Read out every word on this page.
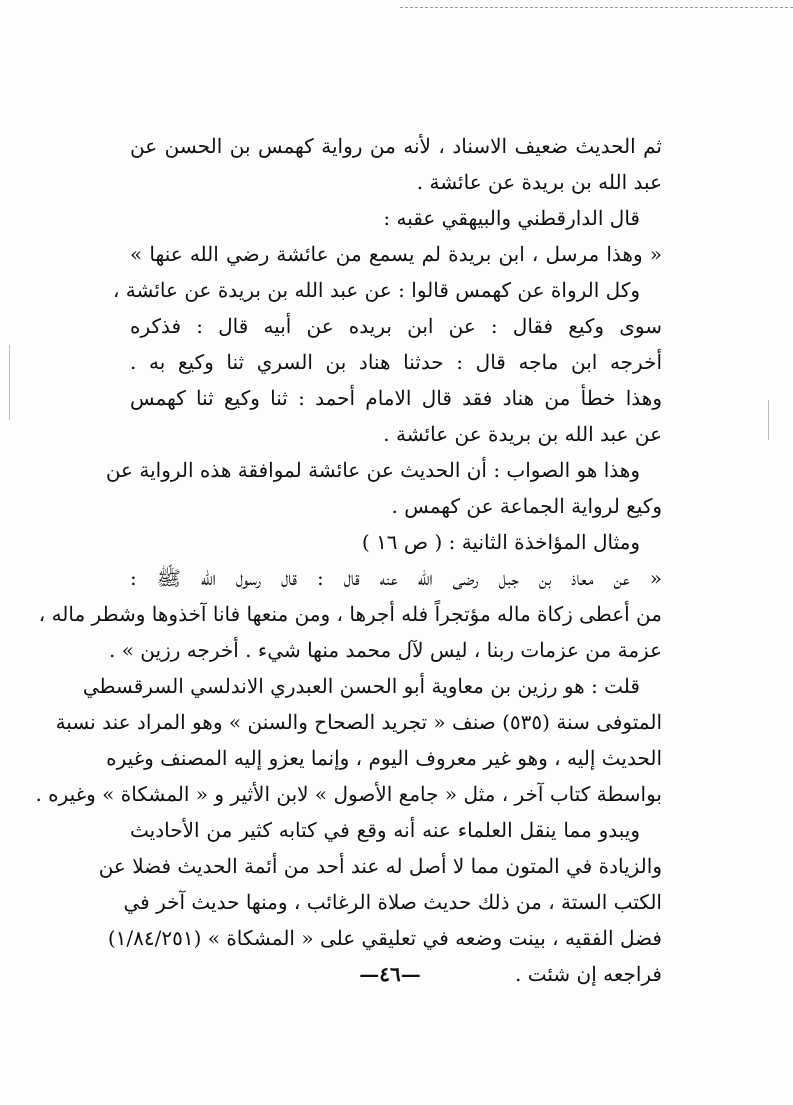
ثم الحديث ضعيف الاسناد ، لأنه من رواية كهمس بن الحسن عن
عبد الله بن بريدة عن عائشة .
قال الدارقطني والبيهقي عقبه :
« وهذا مرسل ، ابن بريدة لم يسمع من عائشة رضي الله عنها »
وكل الرواة عن كهمس قالوا : عن عبد الله بن بريدة عن عائشة ،
سوى وكيع فقال : عن ابن بريده عن أبيه قال : فذكره
أخرجه ابن ماجه قال : حدثنا هناد بن السري ثنا وكيع به .
وهذا خطأ من هناد فقد قال الامام أحمد : ثنا وكيع ثنا كهمس
عن عبد الله بن بريدة عن عائشة .
وهذا هو الصواب : أن الحديث عن عائشة لموافقة هذه الرواية عن
وكيع لرواية الجماعة عن كهمس .
ومثال المؤاخذة الثانية : ( ص ١٦ )
« عن معاذ بن جبل رضى الله عنه قال : قال رسول الله ﷺ :
من أعطى زكاة ماله مؤتجراً فله أجرها ، ومن منعها فانا آخذوها وشطر ماله ،
عزمة من عزمات ربنا ، ليس لآل محمد منها شيء . أخرجه رزين » .
قلت : هو رزين بن معاوية أبو الحسن العبدري الاندلسي السرقسطي
المتوفى سنة (٥٣٥) صنف « تجريد الصحاح والسنن » وهو المراد عند نسبة
الحديث إليه ، وهو غير معروف اليوم ، وإنما يعزو إليه المصنف وغيره
بواسطة كتاب آخر ، مثل « جامع الأصول » لابن الأثير و « المشكاة » وغيره .
ويبدو مما ينقل العلماء عنه أنه وقع في كتابه كثير من الأحاديث
والزيادة في المتون مما لا أصل له عند أحد من أئمة الحديث فضلا عن
الكتب الستة ، من ذلك حديث صلاة الرغائب ، ومنها حديث آخر في
فضل الفقيه ، بينت وضعه في تعليقي على « المشكاة » (١/٨٤/٢٥١)
فراجعه إن شئت .
—٤٦—
